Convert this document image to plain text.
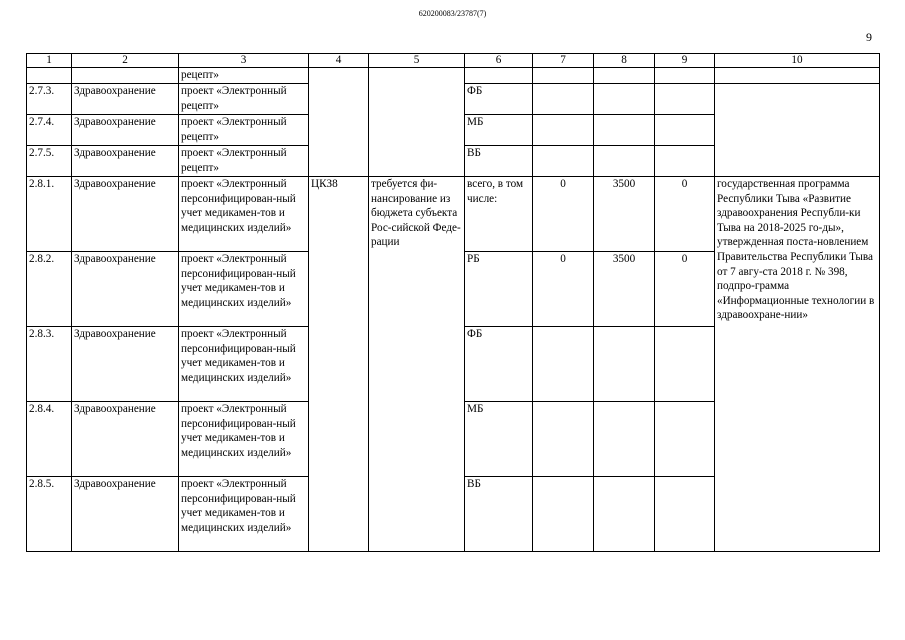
620200083/23787(7)
9
1	2	3	4	5	6	7	8	9	10
		рецепт»							
2.7.3.	Здравоохранение	проект «Электронный рецепт»			ФБ				
2.7.4.	Здравоохранение	проект «Электронный рецепт»			МБ				
2.7.5.	Здравоохранение	проект «Электронный рецепт»			ВБ				
2.8.1.	Здравоохранение	проект «Электронный персонифицирован-ный учет медикамен-тов и медицинских изделий»	ЦКЗ8	требуется фи-нансирование из бюджета субъекта Рос-сийской Феде-рации	всего, в том числе:	0	3500	0	государственная программа Республики Тыва «Развитие здравоохранения Республи-ки Тыва на 2018-2025 го-ды», утвержденная поста-новлением Правительства Республики Тыва от 7 авгу-ста 2018 г. № 398, подпро-грамма «Информационные технологии в здравоохране-нии»
2.8.2.	Здравоохранение	проект «Электронный персонифицирован-ный учет медикамен-тов и медицинских изделий»			РБ	0	3500	0	
2.8.3.	Здравоохранение	проект «Электронный персонифицирован-ный учет медикамен-тов и медицинских изделий»			ФБ				
2.8.4.	Здравоохранение	проект «Электронный персонифицирован-ный учет медикамен-тов и медицинских изделий»			МБ				
2.8.5.	Здравоохранение	проект «Электронный персонифицирован-ный учет медикамен-тов и медицинских изделий»			ВБ				
